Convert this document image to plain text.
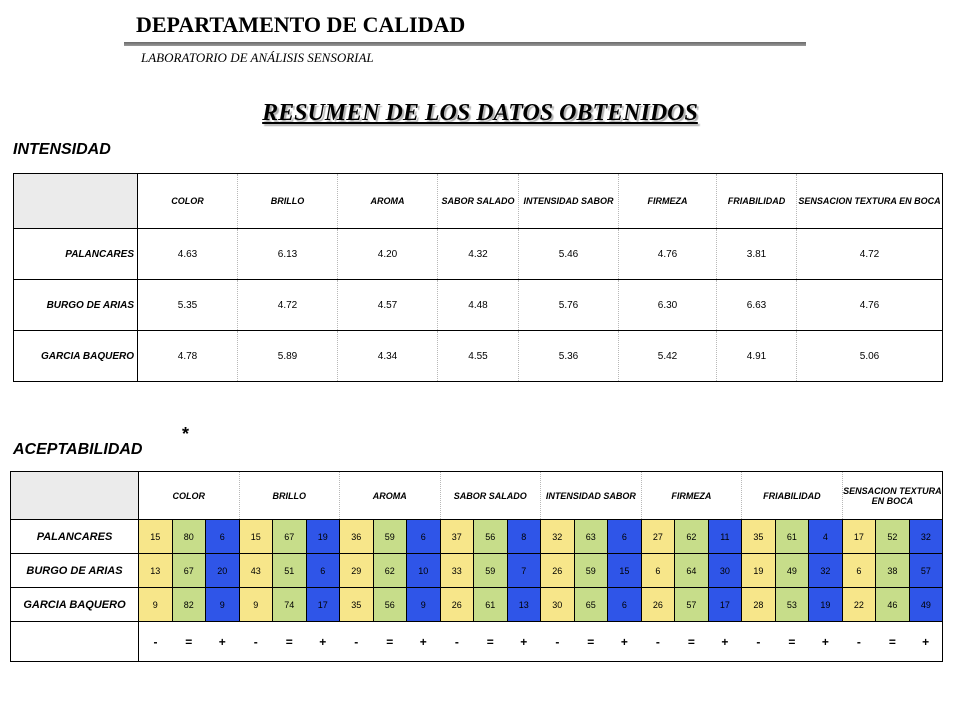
DEPARTAMENTO DE CALIDAD
LABORATORIO DE ANÁLISIS SENSORIAL
RESUMEN DE LOS DATOS OBTENIDOS
INTENSIDAD
	COLOR	BRILLO	AROMA	SABOR SALADO	INTENSIDAD SABOR	FIRMEZA	FRIABILIDAD	SENSACION TEXTURA EN BOCA
PALANCARES	4.63	6.13	4.20	4.32	5.46	4.76	3.81	4.72
BURGO DE ARIAS	5.35	4.72	4.57	4.48	5.76	6.30	6.63	4.76
GARCIA BAQUERO	4.78	5.89	4.34	4.55	5.36	5.42	4.91	5.06
ACEPTABILIDAD
*
	COLOR			BRILLO			AROMA			SABOR SALADO			INTENSIDAD SABOR			FIRMEZA			FRIABILIDAD			SENSACION TEXTURA EN BOCA		
PALANCARES	15	80	6	15	67	19	36	59	6	37	56	8	32	63	6	27	62	11	35	61	4	17	52	32
BURGO DE ARIAS	13	67	20	43	51	6	29	62	10	33	59	7	26	59	15	6	64	30	19	49	32	6	38	57
GARCIA BAQUERO	9	82	9	9	74	17	35	56	9	26	61	13	30	65	6	26	57	17	28	53	19	22	46	49
	-	=	+	-	=	+	-	=	+	-	=	+	-	=	+	-	=	+	-	=	+	-	=	+
